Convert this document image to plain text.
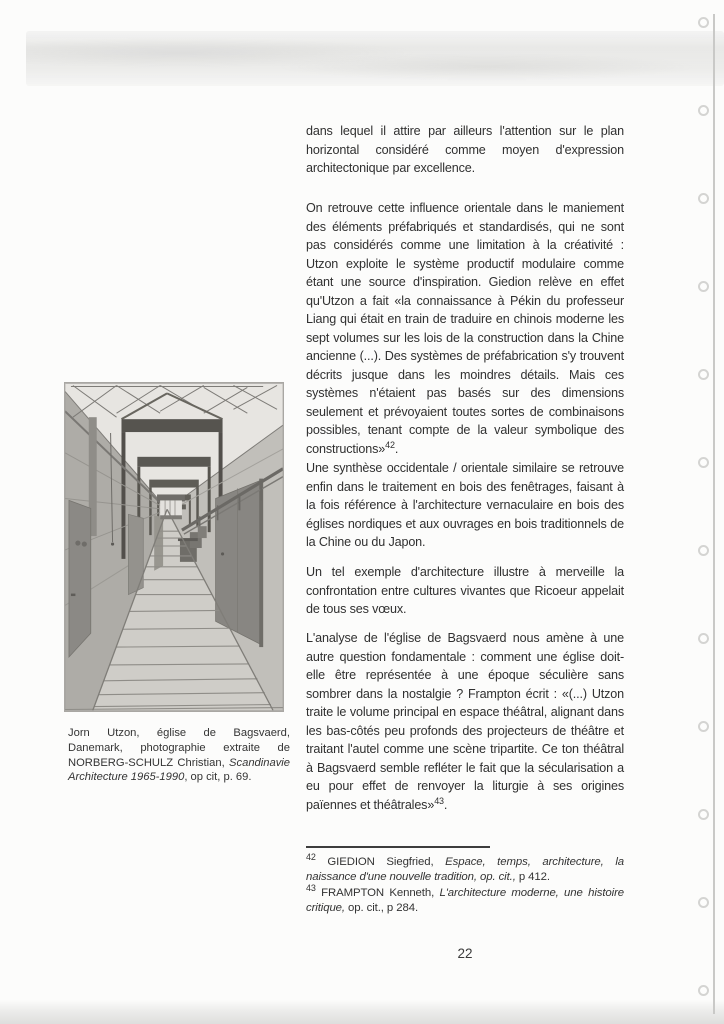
Jorn Utzon, église de Bagsvaerd, Danemark, photographie extraite de NORBERG-SCHULZ Christian, Scandinavie Architecture 1965-1990, op cit, p. 69.

dans lequel il attire par ailleurs l'attention sur le plan horizontal considéré comme moyen d'expression architectonique par excellence.

On retrouve cette influence orientale dans le maniement des éléments préfabriqués et standardisés, qui ne sont pas considérés comme une limitation à la créativité : Utzon exploite le système productif modulaire comme étant une source d'inspiration. Giedion relève en effet qu'Utzon a fait «la connaissance à Pékin du professeur Liang qui était en train de traduire en chinois moderne les sept volumes sur les lois de la construction dans la Chine ancienne (...). Des systèmes de préfabrication s'y trouvent décrits jusque dans les moindres détails. Mais ces systèmes n'étaient pas basés sur des dimensions seulement et prévoyaient toutes sortes de combinaisons possibles, tenant compte de la valeur symbolique des constructions»$^{42}$.

Une synthèse occidentale / orientale similaire se retrouve enfin dans le traitement en bois des fenêtrages, faisant à la fois référence à l'architecture vernaculaire en bois des églises nordiques et aux ouvrages en bois traditionnels de la Chine ou du Japon.

Un tel exemple d'architecture illustre à merveille la confrontation entre cultures vivantes que Ricoeur appelait de tous ses vœux.

L'analyse de l'église de Bagsvaerd nous amène à une autre question fondamentale : comment une église doit-elle être représentée à une époque séculière sans sombrer dans la nostalgie ? Frampton écrit : «(...) Utzon traite le volume principal en espace théâtral, alignant dans les bas-côtés peu profonds des projecteurs de théâtre et traitant l'autel comme une scène tripartite. Ce ton théâtral à Bagsvaerd semble refléter le fait que la sécularisation a eu pour effet de renvoyer la liturgie à ses origines païennes et théâtrales»$^{43}$.

$^{42}$ GIEDION Siegfried, Espace, temps, architecture, la naissance d'une nouvelle tradition, op. cit., p 412.

$^{43}$ FRAMPTON Kenneth, L'architecture moderne, une histoire critique, op. cit., p 284.

22
